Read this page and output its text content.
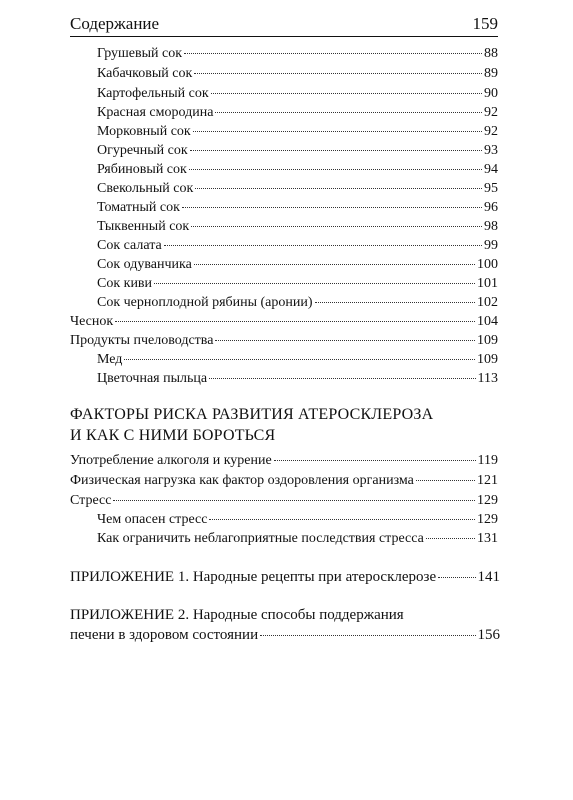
Содержание	159
Грушевый сок	88
Кабачковый сок	89
Картофельный сок	90
Красная смородина	92
Морковный сок	92
Огуречный сок	93
Рябиновый сок	94
Свекольный сок	95
Томатный сок	96
Тыквенный сок	98
Сок салата	99
Сок одуванчика	100
Сок киви	101
Сок черноплодной рябины (аронии)	102
Чеснок	104
Продукты пчеловодства	109
Мед	109
Цветочная пыльца	113
ФАКТОРЫ РИСКА РАЗВИТИЯ АТЕРОСКЛЕРОЗА
И КАК С НИМИ БОРОТЬСЯ
Употребление алкоголя и курение	119
Физическая нагрузка как фактор оздоровления организма	121
Стресс	129
Чем опасен стресс	129
Как ограничить неблагоприятные последствия стресса	131
ПРИЛОЖЕНИЕ 1. Народные рецепты при атеросклерозе	141
ПРИЛОЖЕНИЕ 2. Народные способы поддержания
печени в здоровом состоянии	156
